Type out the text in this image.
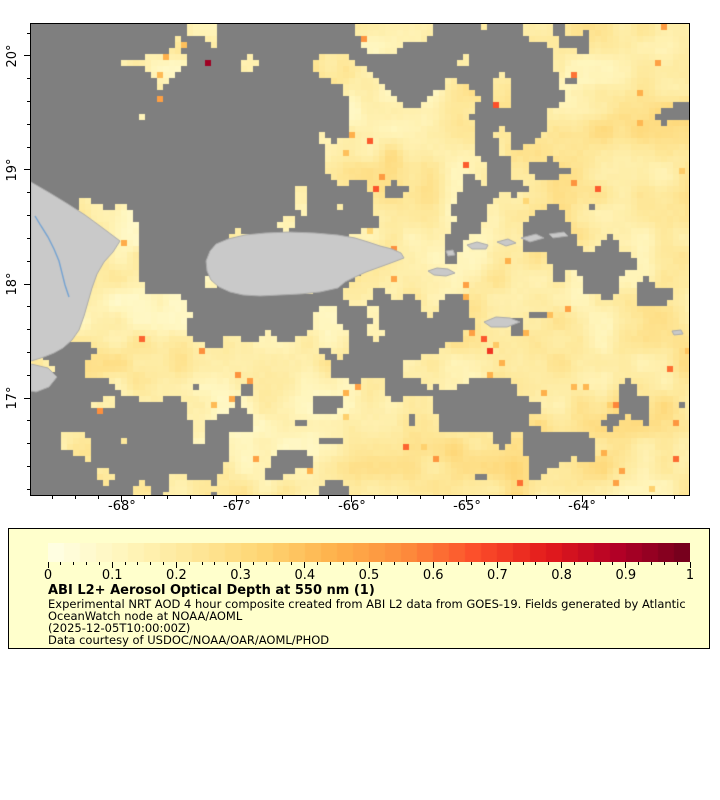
-68°	-67°	-66°	-65°	-64°
20°
19°
18°
17°
0	0.1	0.2	0.3	0.4	0.5	0.6	0.7	0.8	0.9	1
ABI L2+ Aerosol Optical Depth at 550 nm (1)
Experimental NRT AOD 4 hour composite created from ABI L2 data from GOES-19. Fields generated by Atlantic
OceanWatch node at NOAA/AOML
(2025-12-05T10:00:00Z)
Data courtesy of USDOC/NOAA/OAR/AOML/PHOD
